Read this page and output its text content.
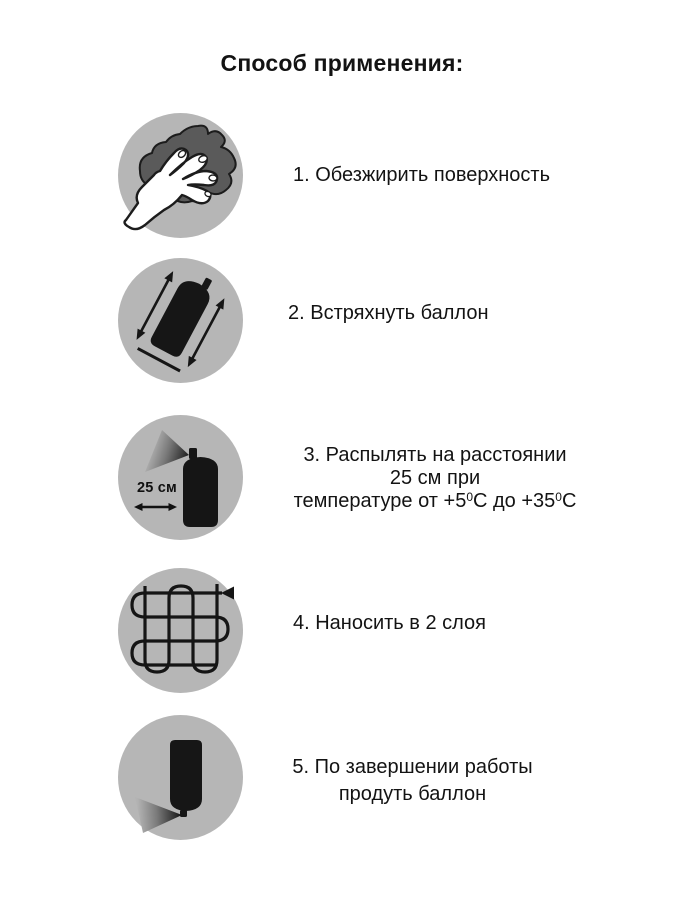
Способ применения:
1. Обезжирить поверхность
2. Встряхнуть баллон
25 см
3. Распылять на расстоянии
25 см при
температуре от $+5^0С$ до $+35^0С$
4. Наносить в 2 слоя
5. По завершении работы
продуть баллон
